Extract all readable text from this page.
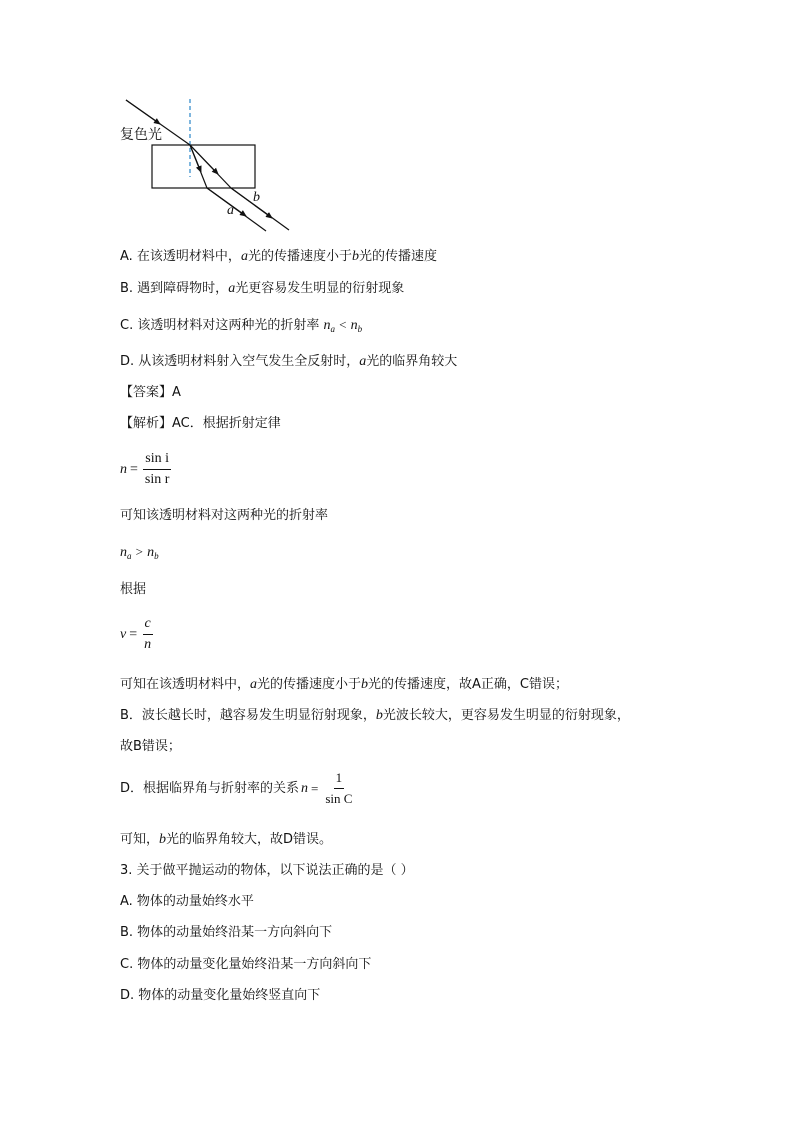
复色光
a
b
A. 在该透明材料中，a光的传播速度小于b光的传播速度
B. 遇到障碍物时，a光更容易发生明显的衍射现象
C. 该透明材料对这两种光的折射率 $n_a < n_b$
D. 从该透明材料射入空气发生全反射时，a光的临界角较大
【答案】A
【解析】AC．根据折射定律
$n = \frac{\text{sin i}}{\text{sin r}}$
可知该透明材料对这两种光的折射率
$n_a > n_b$
根据
$v = \frac{c}{n}$
可知在该透明材料中，a光的传播速度小于b光的传播速度，故A正确，C错误；
B．波长越长时，越容易发生明显衍射现象，b光波长较大，更容易发生明显的衍射现象，
故B错误；
D．根据临界角与折射率的关系 $n = \frac{1}{\text{sin C}}$
可知，b光的临界角较大，故D错误。
3. 关于做平抛运动的物体，以下说法正确的是（ ）
A. 物体的动量始终水平
B. 物体的动量始终沿某一方向斜向下
C. 物体的动量变化量始终沿某一方向斜向下
D. 物体的动量变化量始终竖直向下
